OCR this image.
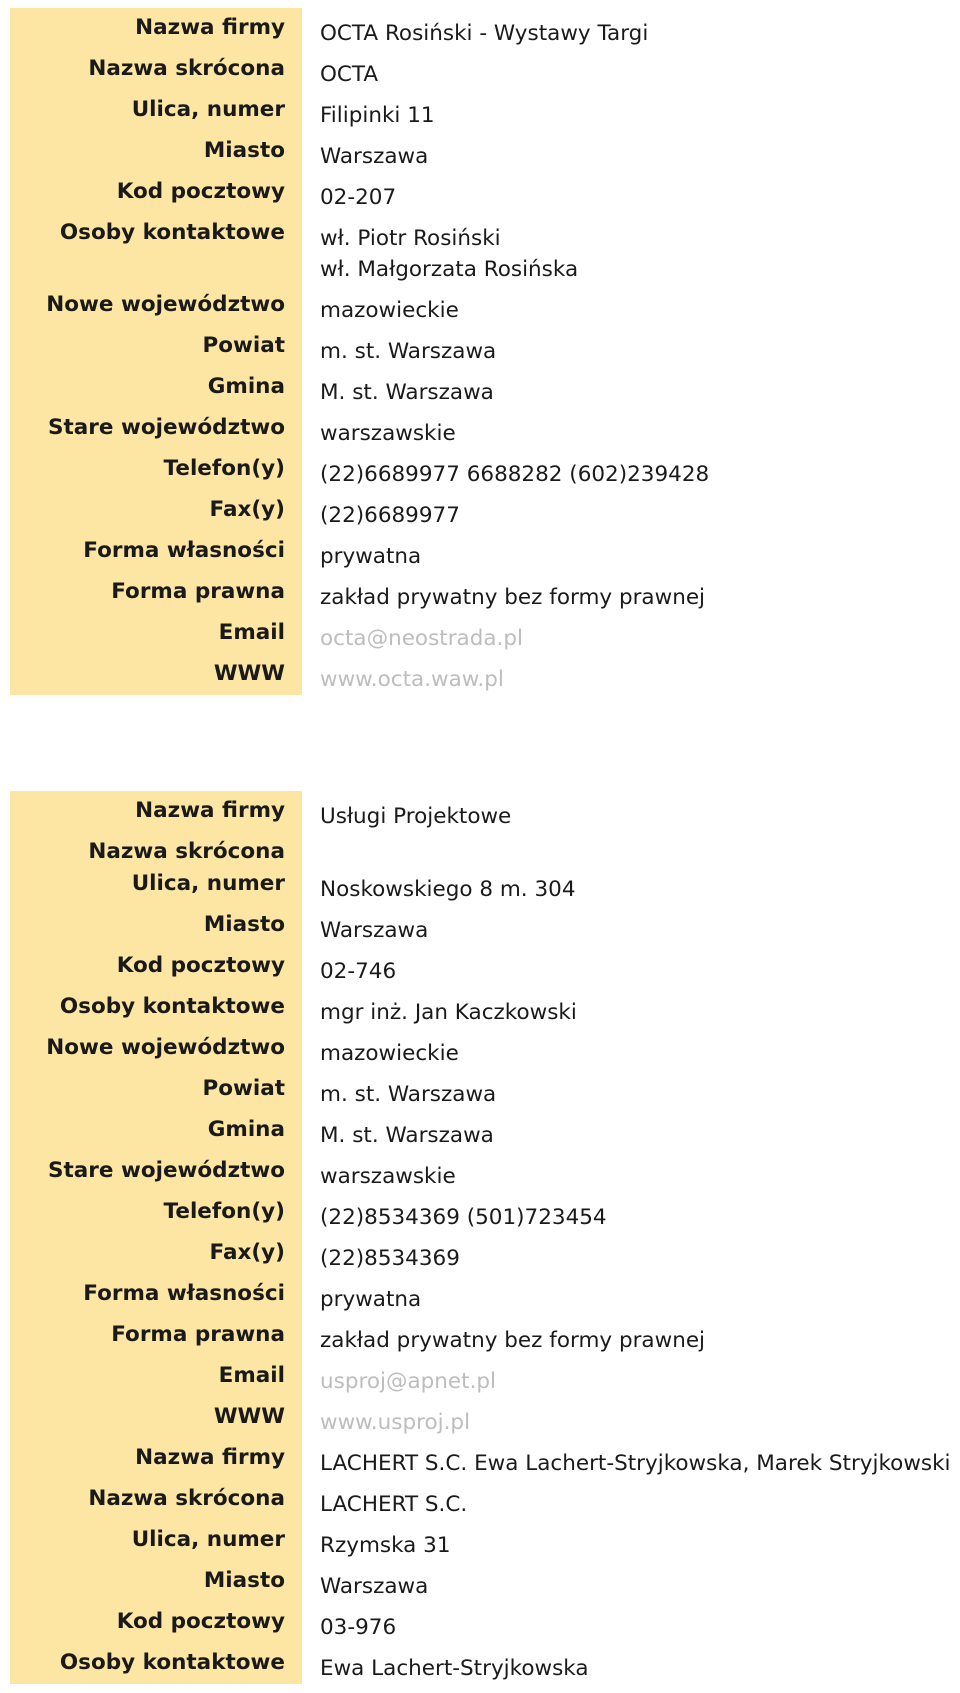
Nazwa firmy	OCTA Rosiński - Wystawy Targi
Nazwa skrócona	OCTA
Ulica, numer	Filipinki 11
Miasto	Warszawa
Kod pocztowy	02-207
Osoby kontaktowe	wł. Piotr Rosiński
wł. Małgorzata Rosińska
Nowe województwo	mazowieckie
Powiat	m. st. Warszawa
Gmina	M. st. Warszawa
Stare województwo	warszawskie
Telefon(y)	(22)6689977 6688282 (602)239428
Fax(y)	(22)6689977
Forma własności	prywatna
Forma prawna	zakład prywatny bez formy prawnej
Email	octa@neostrada.pl
WWW	www.octa.waw.pl
Nazwa firmy	Usługi Projektowe
Nazwa skrócona
Ulica, numer	Noskowskiego 8 m. 304
Miasto	Warszawa
Kod pocztowy	02-746
Osoby kontaktowe	mgr inż. Jan Kaczkowski
Nowe województwo	mazowieckie
Powiat	m. st. Warszawa
Gmina	M. st. Warszawa
Stare województwo	warszawskie
Telefon(y)	(22)8534369 (501)723454
Fax(y)	(22)8534369
Forma własności	prywatna
Forma prawna	zakład prywatny bez formy prawnej
Email	usproj@apnet.pl
WWW	www.usproj.pl
Nazwa firmy	LACHERT S.C. Ewa Lachert-Stryjkowska, Marek Stryjkowski
Nazwa skrócona	LACHERT S.C.
Ulica, numer	Rzymska 31
Miasto	Warszawa
Kod pocztowy	03-976
Osoby kontaktowe	Ewa Lachert-Stryjkowska
